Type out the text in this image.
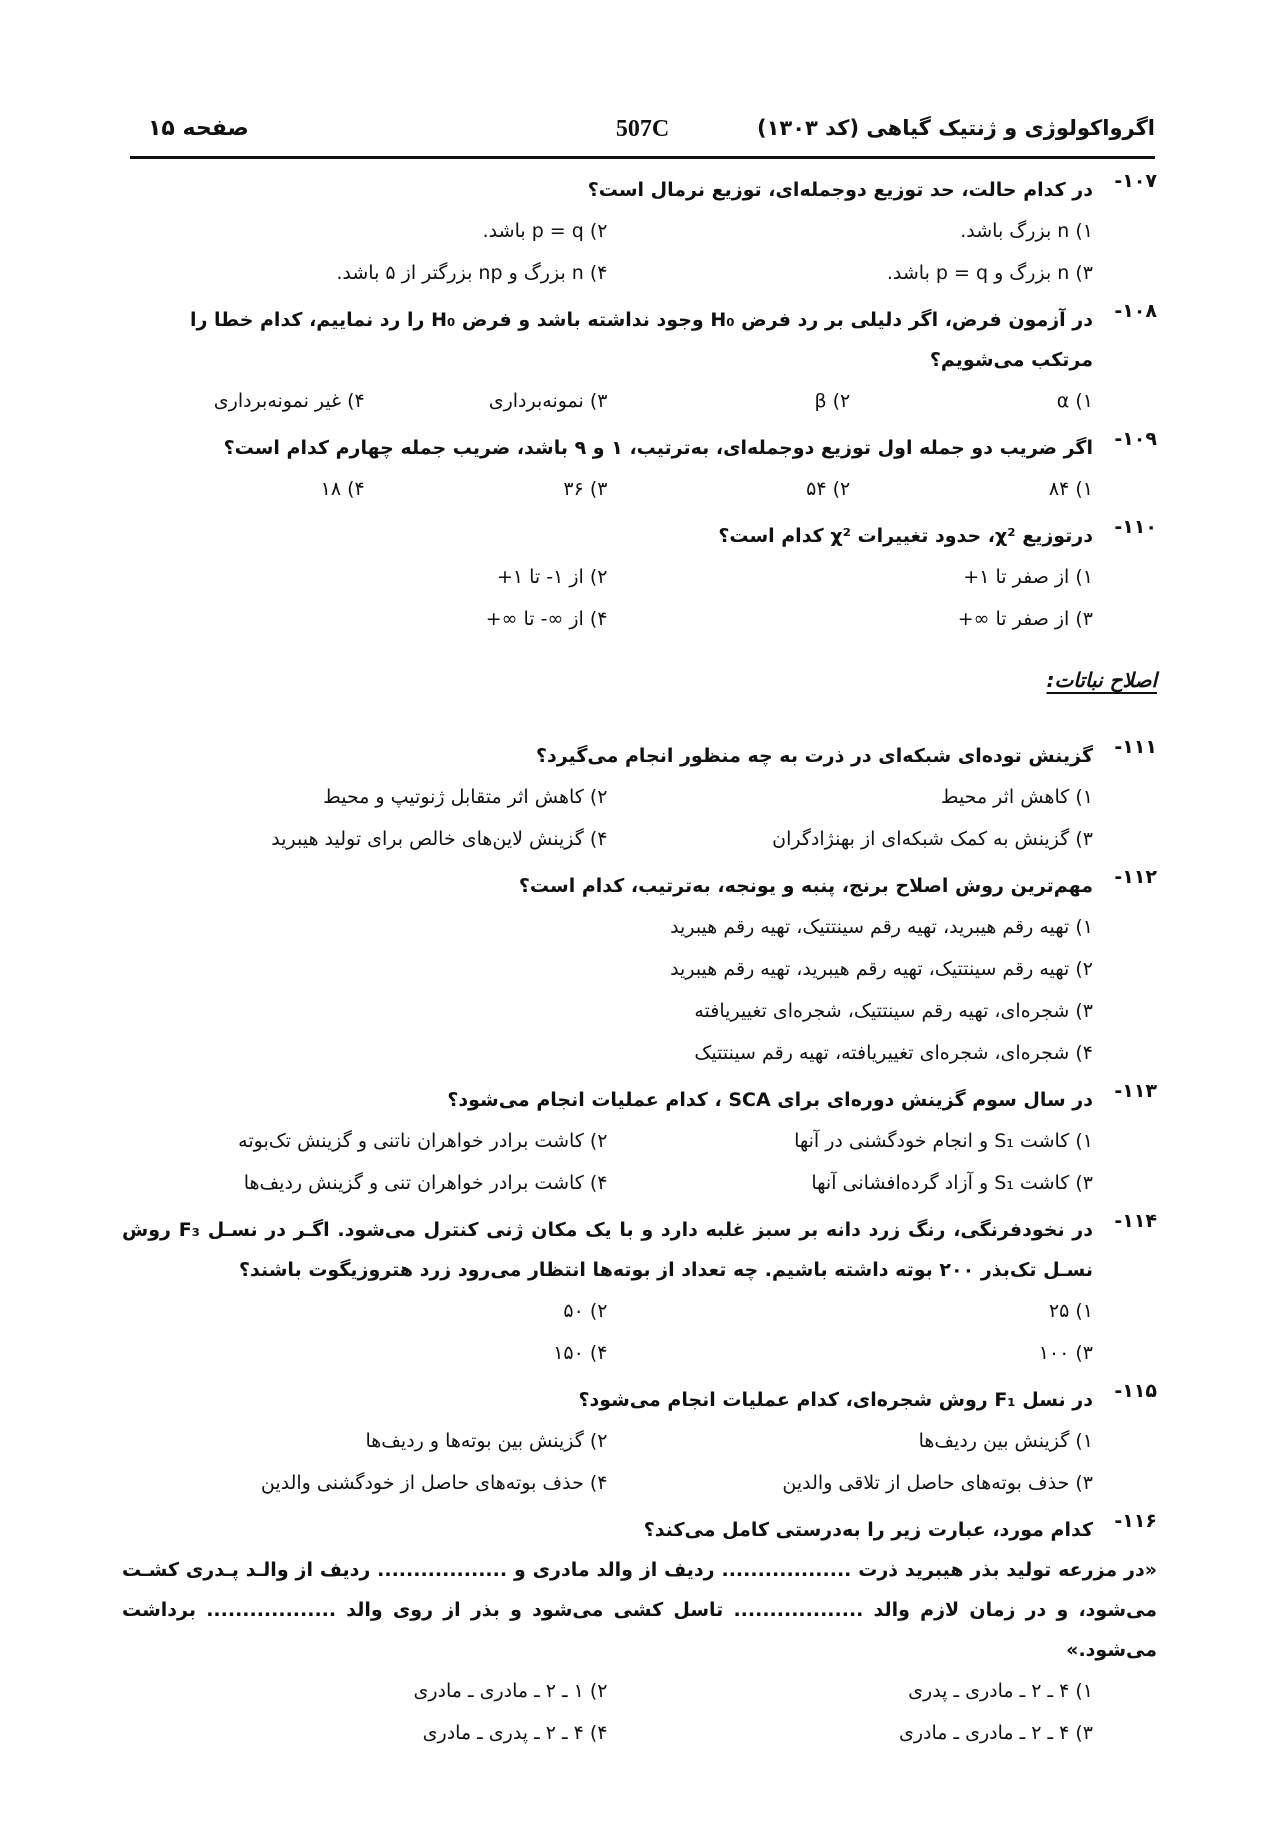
اگرواکولوژی و ژنتیک گیاهی (کد ۱۳۰۳)
507C
صفحه ۱۵
۱۰۷-
در کدام حالت، حد توزیع دوجمله‌ای، توزیع نرمال است؟
۱) n بزرگ باشد.
۲) p = q باشد.
۳) n بزرگ و p = q باشد.
۴) n بزرگ و np بزرگتر از ۵ باشد.
۱۰۸-
در آزمون فرض، اگر دلیلی بر رد فرض H₀ وجود نداشته باشد و فرض H₀ را رد نماییم، کدام خطا را مرتکب می‌شویم؟
۱) α
۲) β
۳) نمونه‌برداری
۴) غیر نمونه‌برداری
۱۰۹-
اگر ضریب دو جمله اول توزیع دوجمله‌ای، به‌ترتیب، ۱ و ۹ باشد، ضریب جمله چهارم کدام است؟
۱) ۸۴
۲) ۵۴
۳) ۳۶
۴) ۱۸
۱۱۰-
درتوزیع χ²، حدود تغییرات χ² کدام است؟
۱) از صفر تا ۱+
۲) از ۱- تا ۱+
۳) از صفر تا ∞+
۴) از ∞- تا ∞+
اصلاح نباتات:
۱۱۱-
گزینش توده‌ای شبکه‌ای در ذرت به چه منظور انجام می‌گیرد؟
۱) کاهش اثر محیط
۲) کاهش اثر متقابل ژنوتیپ و محیط
۳) گزینش به کمک شبکه‌ای از بهنژادگران
۴) گزینش لاین‌های خالص برای تولید هیبرید
۱۱۲-
مهم‌ترین روش اصلاح برنج، پنبه و یونجه، به‌ترتیب، کدام است؟
۱) تهیه رقم هیبرید، تهیه رقم سینتتیک، تهیه رقم هیبرید
۲) تهیه رقم سینتتیک، تهیه رقم هیبرید، تهیه رقم هیبرید
۳) شجره‌ای، تهیه رقم سینتتیک، شجره‌ای تغییریافته
۴) شجره‌ای، شجره‌ای تغییریافته، تهیه رقم سینتتیک
۱۱۳-
در سال سوم گزینش دوره‌ای برای SCA ، کدام عملیات انجام می‌شود؟
۱) کاشت S₁ و انجام خودگشنی در آنها
۲) کاشت برادر خواهران ناتنی و گزینش تک‌بوته
۳) کاشت S₁ و آزاد گرده‌افشانی آنها
۴) کاشت برادر خواهران تنی و گزینش ردیف‌ها
۱۱۴-
در نخودفرنگی، رنگ زرد دانه بر سبز غلبه دارد و با یک مکان ژنی کنترل می‌شود. اگـر در نسـل F₃ روش نسـل تک‌بذر ۲۰۰ بوته داشته باشیم. چه تعداد از بوته‌ها انتظار می‌رود زرد هتروزیگوت باشند؟
۱) ۲۵
۲) ۵۰
۳) ۱۰۰
۴) ۱۵۰
۱۱۵-
در نسل F₁ روش شجره‌ای، کدام عملیات انجام می‌شود؟
۱) گزینش بین ردیف‌ها
۲) گزینش بین بوته‌ها و ردیف‌ها
۳) حذف بوته‌های حاصل از تلاقی والدین
۴) حذف بوته‌های حاصل از خودگشنی والدین
۱۱۶-
کدام مورد، عبارت زیر را به‌درستی کامل می‌کند؟
«در مزرعه تولید بذر هیبرید ذرت .................. ردیف از والد مادری و .................. ردیف از والـد پـدری کشـت می‌شود، و در زمان لازم والد .................. تاسل کشی می‌شود و بذر از روی والد .................. برداشت می‌شود.»
۱) ۴ ـ ۲ ـ مادری ـ پدری
۲) ۱ ـ ۲ ـ مادری ـ مادری
۳) ۴ ـ ۲ ـ مادری ـ مادری
۴) ۴ ـ ۲ ـ پدری ـ مادری
